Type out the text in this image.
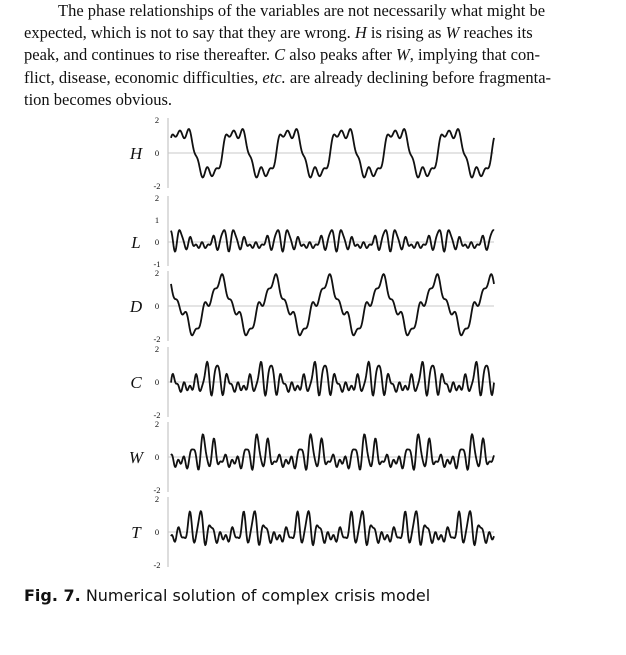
The phase relationships of the variables are not necessarily what might be
expected, which is not to say that they are wrong. H is rising as W reaches its
peak, and continues to rise thereafter. C also peaks after W, implying that con-
flict, disease, economic difficulties, etc. are already declining before fragmenta-
tion becomes obvious.
2
0
-2
H
2
1
0
-1
L
2
0
-2
D
2
0
-2
C
2
0
-2
W
2
0
-2
T
Fig. 7. Numerical solution of complex crisis model
